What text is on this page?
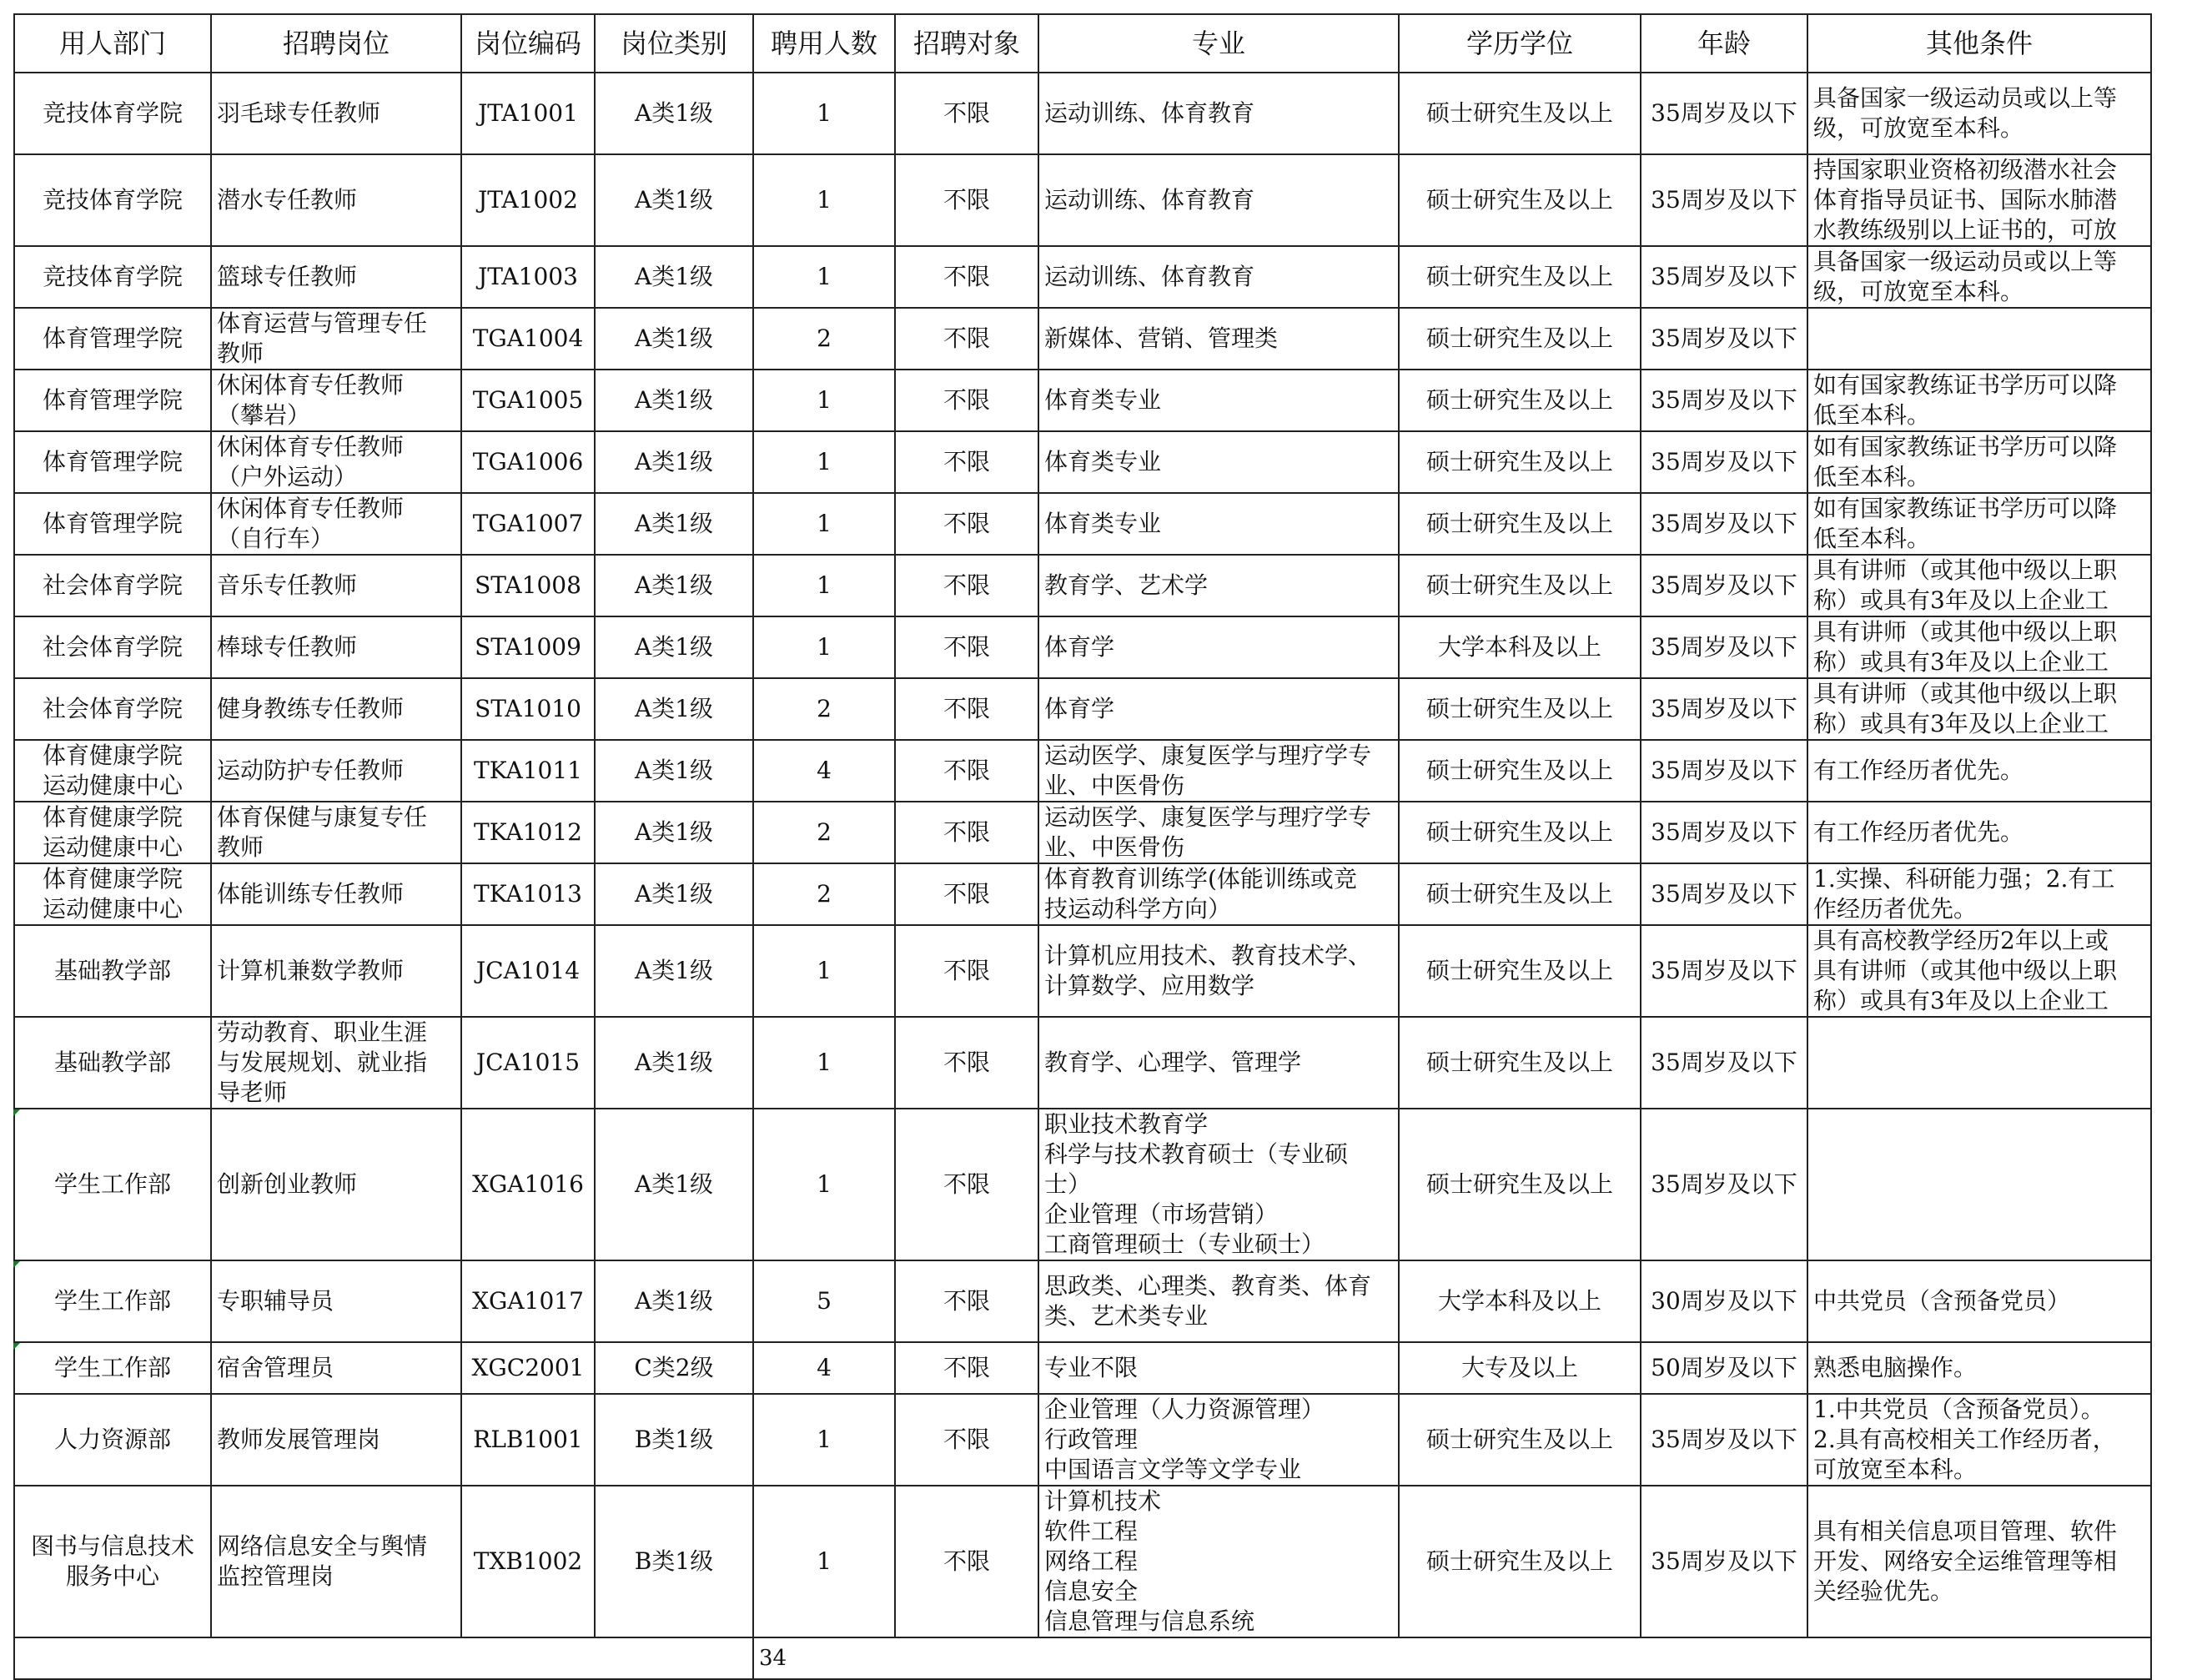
用人部门	招聘岗位	岗位编码	岗位类别	聘用人数	招聘对象	专业	学历学位	年龄	其他条件

竞技体育学院	羽毛球专任教师	JTA1001	A类1级	1	不限	运动训练、体育教育	硕士研究生及以上	35周岁及以下	具备国家一级运动员或以上等
级，可放宽至本科。

竞技体育学院	潜水专任教师	JTA1002	A类1级	1	不限	运动训练、体育教育	硕士研究生及以上	35周岁及以下	持国家职业资格初级潜水社会
体育指导员证书、国际水肺潜
水教练级别以上证书的，可放

竞技体育学院	篮球专任教师	JTA1003	A类1级	1	不限	运动训练、体育教育	硕士研究生及以上	35周岁及以下	具备国家一级运动员或以上等
级，可放宽至本科。

体育管理学院	体育运营与管理专任
教师	TGA1004	A类1级	2	不限	新媒体、营销、管理类	硕士研究生及以上	35周岁及以下	

体育管理学院	休闲体育专任教师
（攀岩）	TGA1005	A类1级	1	不限	体育类专业	硕士研究生及以上	35周岁及以下	如有国家教练证书学历可以降
低至本科。

体育管理学院	休闲体育专任教师
（户外运动）	TGA1006	A类1级	1	不限	体育类专业	硕士研究生及以上	35周岁及以下	如有国家教练证书学历可以降
低至本科。

体育管理学院	休闲体育专任教师
（自行车）	TGA1007	A类1级	1	不限	体育类专业	硕士研究生及以上	35周岁及以下	如有国家教练证书学历可以降
低至本科。

社会体育学院	音乐专任教师	STA1008	A类1级	1	不限	教育学、艺术学	硕士研究生及以上	35周岁及以下	具有讲师（或其他中级以上职
称）或具有3年及以上企业工

社会体育学院	棒球专任教师	STA1009	A类1级	1	不限	体育学	大学本科及以上	35周岁及以下	具有讲师（或其他中级以上职
称）或具有3年及以上企业工

社会体育学院	健身教练专任教师	STA1010	A类1级	2	不限	体育学	硕士研究生及以上	35周岁及以下	具有讲师（或其他中级以上职
称）或具有3年及以上企业工

体育健康学院
运动健康中心	运动防护专任教师	TKA1011	A类1级	4	不限	运动医学、康复医学与理疗学专
业、中医骨伤	硕士研究生及以上	35周岁及以下	有工作经历者优先。

体育健康学院
运动健康中心	体育保健与康复专任
教师	TKA1012	A类1级	2	不限	运动医学、康复医学与理疗学专
业、中医骨伤	硕士研究生及以上	35周岁及以下	有工作经历者优先。

体育健康学院
运动健康中心	体能训练专任教师	TKA1013	A类1级	2	不限	体育教育训练学(体能训练或竞
技运动科学方向）	硕士研究生及以上	35周岁及以下	1.实操、科研能力强；2.有工
作经历者优先。

基础教学部	计算机兼数学教师	JCA1014	A类1级	1	不限	计算机应用技术、教育技术学、
计算数学、应用数学	硕士研究生及以上	35周岁及以下	具有高校教学经历2年以上或
具有讲师（或其他中级以上职
称）或具有3年及以上企业工

基础教学部	劳动教育、职业生涯
与发展规划、就业指
导老师	JCA1015	A类1级	1	不限	教育学、心理学、管理学	硕士研究生及以上	35周岁及以下	

学生工作部	创新创业教师	XGA1016	A类1级	1	不限	职业技术教育学
科学与技术教育硕士（专业硕
士）
企业管理（市场营销）
工商管理硕士（专业硕士）	硕士研究生及以上	35周岁及以下	

学生工作部	专职辅导员	XGA1017	A类1级	5	不限	思政类、心理类、教育类、体育
类、艺术类专业	大学本科及以上	30周岁及以下	中共党员（含预备党员）

学生工作部	宿舍管理员	XGC2001	C类2级	4	不限	专业不限	大专及以上	50周岁及以下	熟悉电脑操作。

人力资源部	教师发展管理岗	RLB1001	B类1级	1	不限	企业管理（人力资源管理）
行政管理
中国语言文学等文学专业	硕士研究生及以上	35周岁及以下	1.中共党员（含预备党员）。
2.具有高校相关工作经历者，
可放宽至本科。

图书与信息技术
服务中心	网络信息安全与舆情
监控管理岗	TXB1002	B类1级	1	不限	计算机技术
软件工程
网络工程
信息安全
信息管理与信息系统	硕士研究生及以上	35周岁及以下	具有相关信息项目管理、软件
开发、网络安全运维管理等相
关经验优先。

				34					
